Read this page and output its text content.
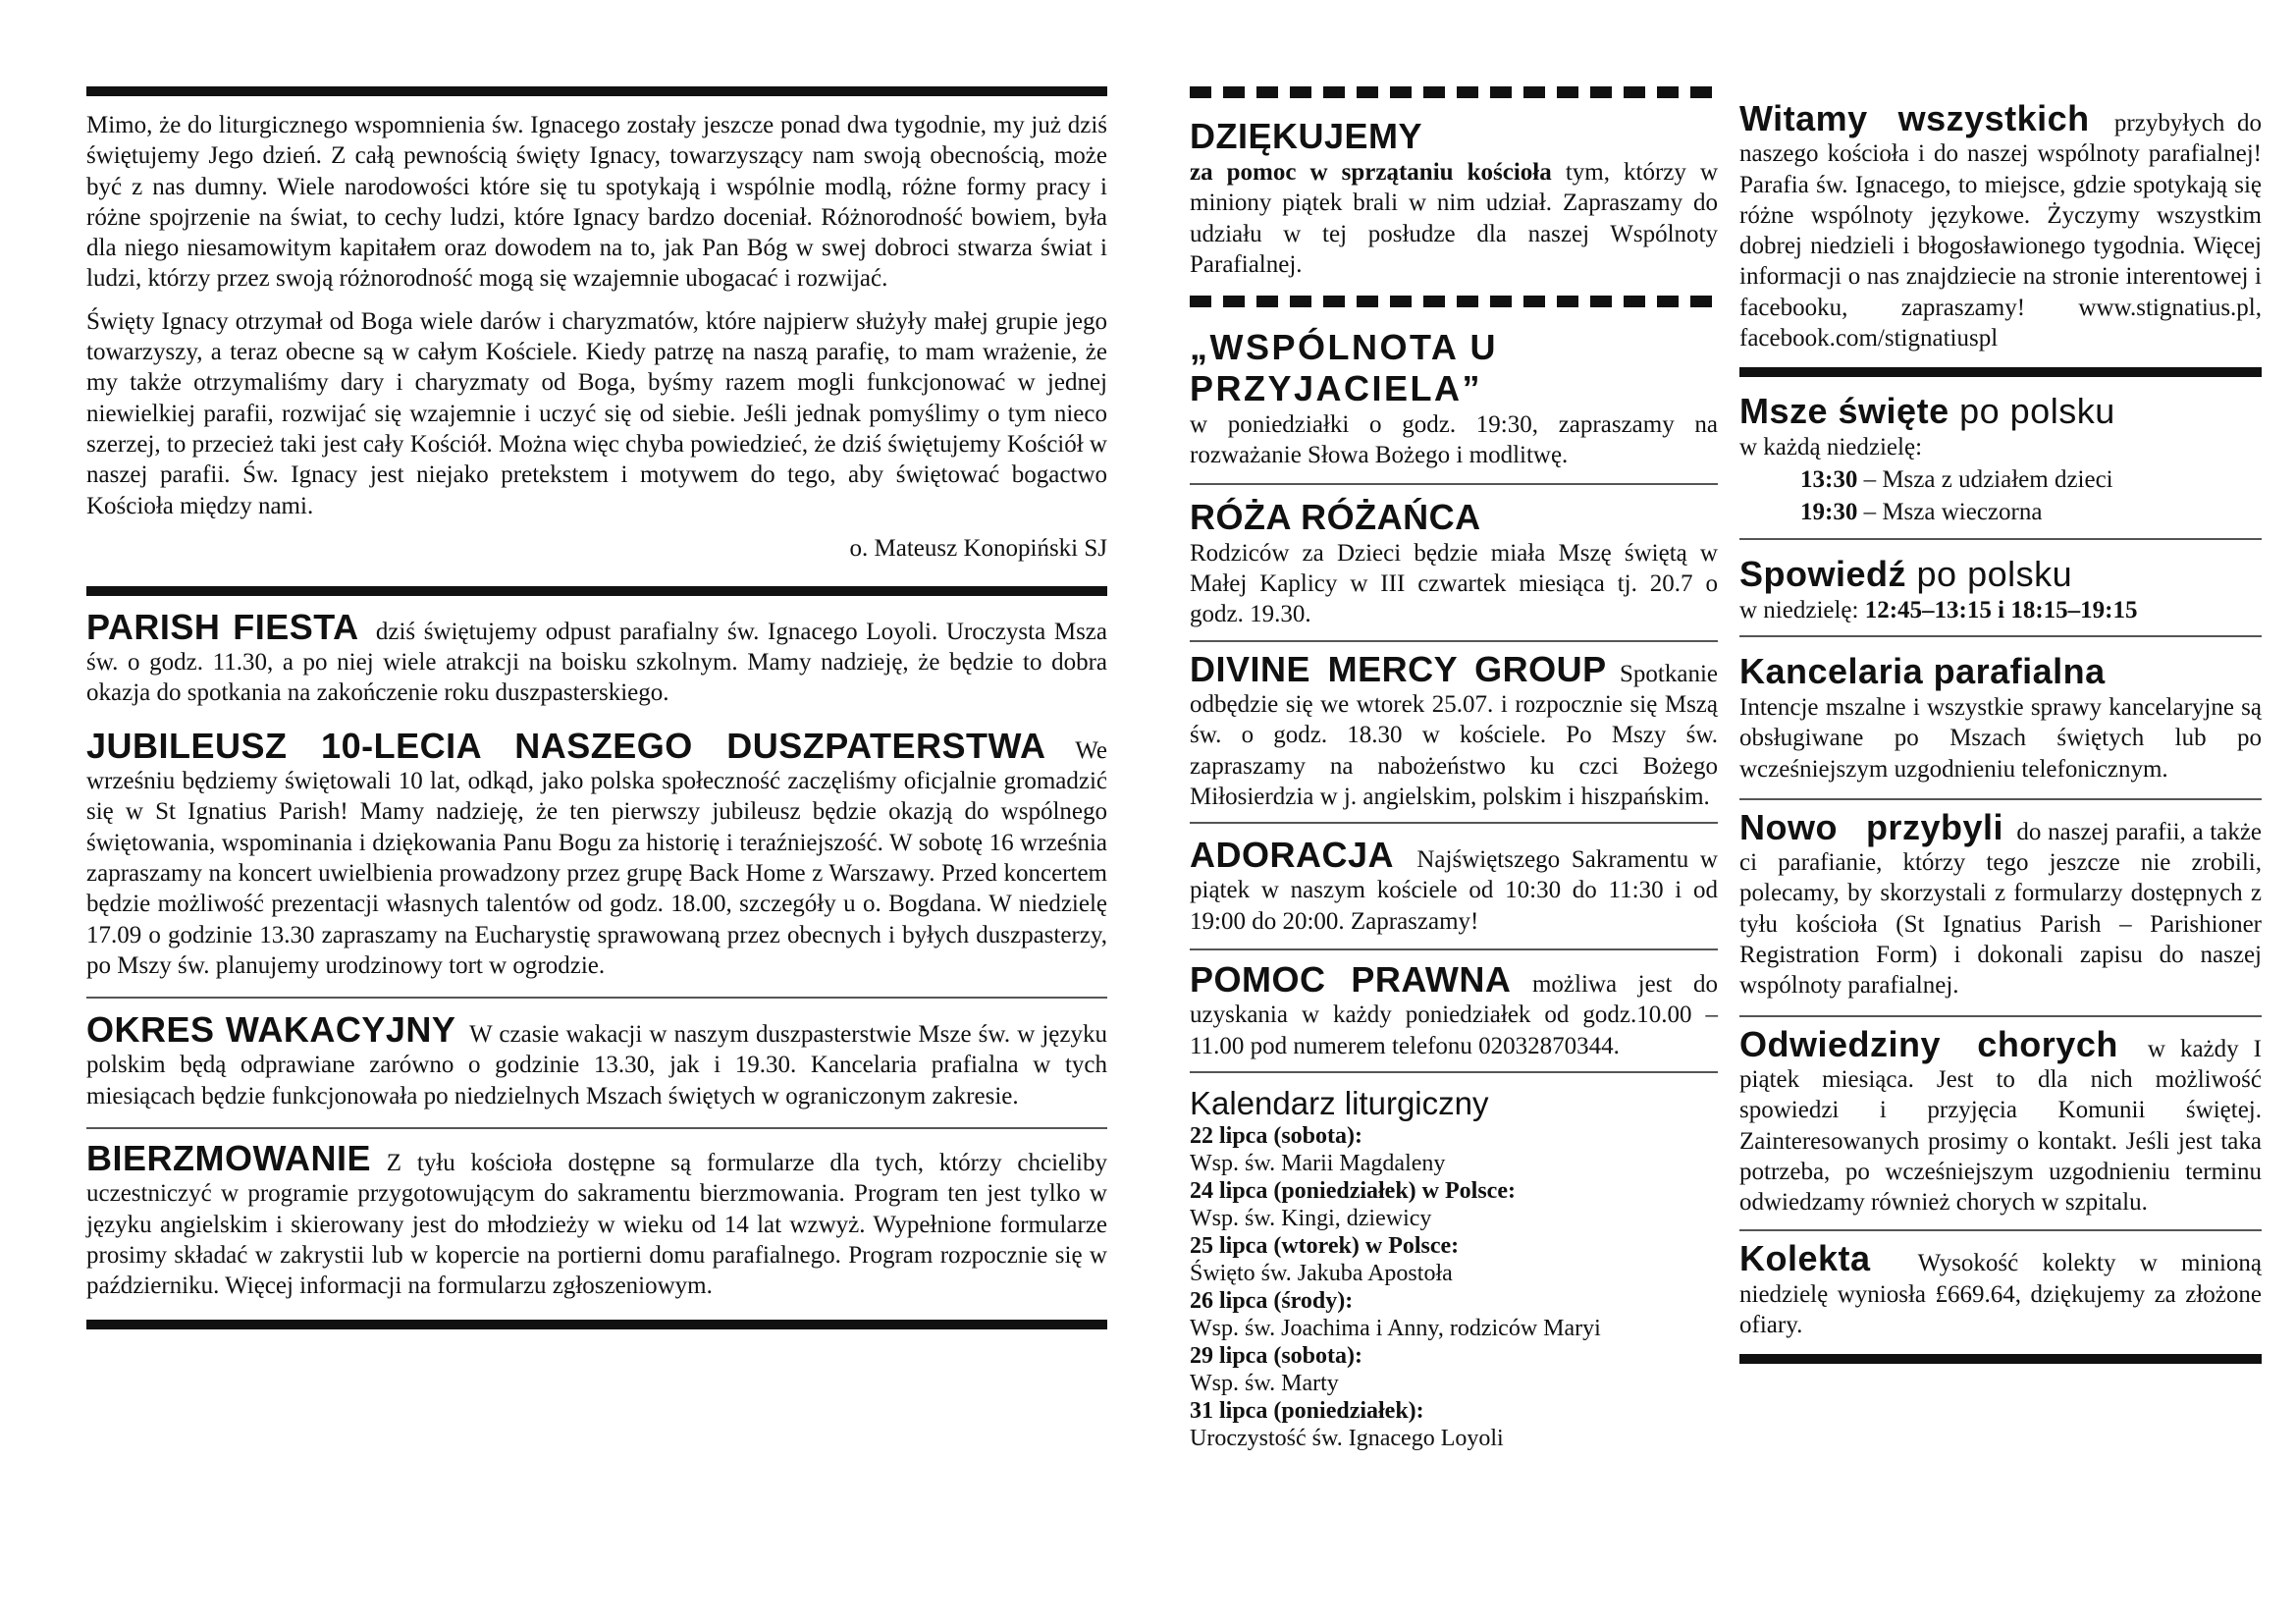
Mimo, że do liturgicznego wspomnienia św. Ignacego zostały jeszcze ponad dwa tygodnie, my już dziś świętujemy Jego dzień. Z całą pewnością święty Ignacy, towarzyszący nam swoją obecnością, może być z nas dumny. Wiele narodowości które się tu spotykają i wspólnie modlą, różne formy pracy i różne spojrzenie na świat, to cechy ludzi, które Ignacy bardzo doceniał. Różnorodność bowiem, była dla niego niesamowitym kapitałem oraz dowodem na to, jak Pan Bóg w swej dobroci stwarza świat i ludzi, którzy przez swoją różnorodność mogą się wzajemnie ubogacać i rozwijać.

Święty Ignacy otrzymał od Boga wiele darów i charyzmatów, które najpierw służyły małej grupie jego towarzyszy, a teraz obecne są w całym Kościele. Kiedy patrzę na naszą parafię, to mam wrażenie, że my także otrzymaliśmy dary i charyzmaty od Boga, byśmy razem mogli funkcjonować w jednej niewielkiej parafii, rozwijać się wzajemnie i uczyć się od siebie. Jeśli jednak pomyślimy o tym nieco szerzej, to przecież taki jest cały Kościół. Można więc chyba powiedzieć, że dziś świętujemy Kościół w naszej parafii. Św. Ignacy jest niejako pretekstem i motywem do tego, aby świętować bogactwo Kościoła między nami.

o. Mateusz Konopiński SJ

PARISH FIESTA dziś świętujemy odpust parafialny św. Ignacego Loyoli. Uroczysta Msza św. o godz. 11.30, a po niej wiele atrakcji na boisku szkolnym. Mamy nadzieję, że będzie to dobra okazja do spotkania na zakończenie roku duszpasterskiego.

JUBILEUSZ 10-LECIA NASZEGO DUSZPATERSTWA We wrześniu będziemy świętowali 10 lat, odkąd, jako polska społeczność zaczęliśmy oficjalnie gromadzić się w St Ignatius Parish! Mamy nadzieję, że ten pierwszy jubileusz będzie okazją do wspólnego świętowania, wspominania i dziękowania Panu Bogu za historię i teraźniejszość. W sobotę 16 września zapraszamy na koncert uwielbienia prowadzony przez grupę Back Home z Warszawy. Przed koncertem będzie możliwość prezentacji własnych talentów od godz. 18.00, szczegóły u o. Bogdana. W niedzielę 17.09 o godzinie 13.30 zapraszamy na Eucharystię sprawowaną przez obecnych i byłych duszpasterzy, po Mszy św. planujemy urodzinowy tort w ogrodzie.

OKRES WAKACYJNY W czasie wakacji w naszym duszpasterstwie Msze św. w języku polskim będą odprawiane zarówno o godzinie 13.30, jak i 19.30. Kancelaria prafialna w tych miesiącach będzie funkcjonowała po niedzielnych Mszach świętych w ograniczonym zakresie.

BIERZMOWANIE Z tyłu kościoła dostępne są formularze dla tych, którzy chcieliby uczestniczyć w programie przygotowującym do sakramentu bierzmowania. Program ten jest tylko w języku angielskim i skierowany jest do młodzieży w wieku od 14 lat wzwyż. Wypełnione formularze prosimy składać w zakrystii lub w kopercie na portierni domu parafialnego. Program rozpocznie się w październiku. Więcej informacji na formularzu zgłoszeniowym.

DZIĘKUJEMY

za pomoc w sprzątaniu kościoła tym, którzy w miniony piątek brali w nim udział. Zapraszamy do udziału w tej posłudze dla naszej Wspólnoty Parafialnej.

„WSPÓLNOTA U PRZYJACIELA”

w poniedziałki o godz. 19:30, zapraszamy na rozważanie Słowa Bożego i modlitwę.

RÓŻA RÓŻAŃCA

Rodziców za Dzieci będzie miała Mszę świętą w Małej Kaplicy w III czwartek miesiąca tj. 20.7 o godz. 19.30.

DIVINE MERCY GROUP Spotkanie odbędzie się we wtorek 25.07. i rozpocznie się Mszą św. o godz. 18.30 w kościele. Po Mszy św. zapraszamy na nabożeństwo ku czci Bożego Miłosierdzia w j. angielskim, polskim i hiszpańskim.

ADORACJA Najświętszego Sakramentu w piątek w naszym kościele od 10:30 do 11:30 i od 19:00 do 20:00. Zapraszamy!

POMOC PRAWNA możliwa jest do uzyskania w każdy poniedziałek od godz.10.00 – 11.00 pod numerem telefonu 02032870344.

Kalendarz liturgiczny
22 lipca (sobota):
Wsp. św. Marii Magdaleny
24 lipca (poniedziałek) w Polsce:
Wsp. św. Kingi, dziewicy
25 lipca (wtorek) w Polsce:
Święto św. Jakuba Apostoła
26 lipca (środy):
Wsp. św. Joachima i Anny, rodziców Maryi
29 lipca (sobota):
Wsp. św. Marty
31 lipca (poniedziałek):
Uroczystość św. Ignacego Loyoli

Witamy wszystkich przybyłych do naszego kościoła i do naszej wspólnoty parafialnej! Parafia św. Ignacego, to miejsce, gdzie spotykają się różne wspólnoty językowe. Życzymy wszystkim dobrej niedzieli i błogosławionego tygodnia. Więcej informacji o nas znajdziecie na stronie interentowej i facebooku, zapraszamy! www.stignatius.pl, facebook.com/stignatiuspl

Msze święte po polsku

w każdą niedzielę:

13:30 – Msza z udziałem dzieci
19:30 – Msza wieczorna
Spowiedź po polsku

w niedzielę: 12:45–13:15 i 18:15–19:15

Kancelaria parafialna

Intencje mszalne i wszystkie sprawy kancelaryjne są obsługiwane po Mszach świętych lub po wcześniejszym uzgodnieniu telefonicznym.

Nowo przybyli do naszej parafii, a także ci parafianie, którzy tego jeszcze nie zrobili, polecamy, by skorzystali z formularzy dostępnych z tyłu kościoła (St Ignatius Parish – Parishioner Registration Form) i dokonali zapisu do naszej wspólnoty parafialnej.

Odwiedziny chorych w każdy I piątek miesiąca. Jest to dla nich możliwość spowiedzi i przyjęcia Komunii świętej. Zainteresowanych prosimy o kontakt. Jeśli jest taka potrzeba, po wcześniejszym uzgodnieniu terminu odwiedzamy również chorych w szpitalu.

Kolekta Wysokość kolekty w minioną niedzielę wyniosła £669.64, dziękujemy za złożone ofiary.
